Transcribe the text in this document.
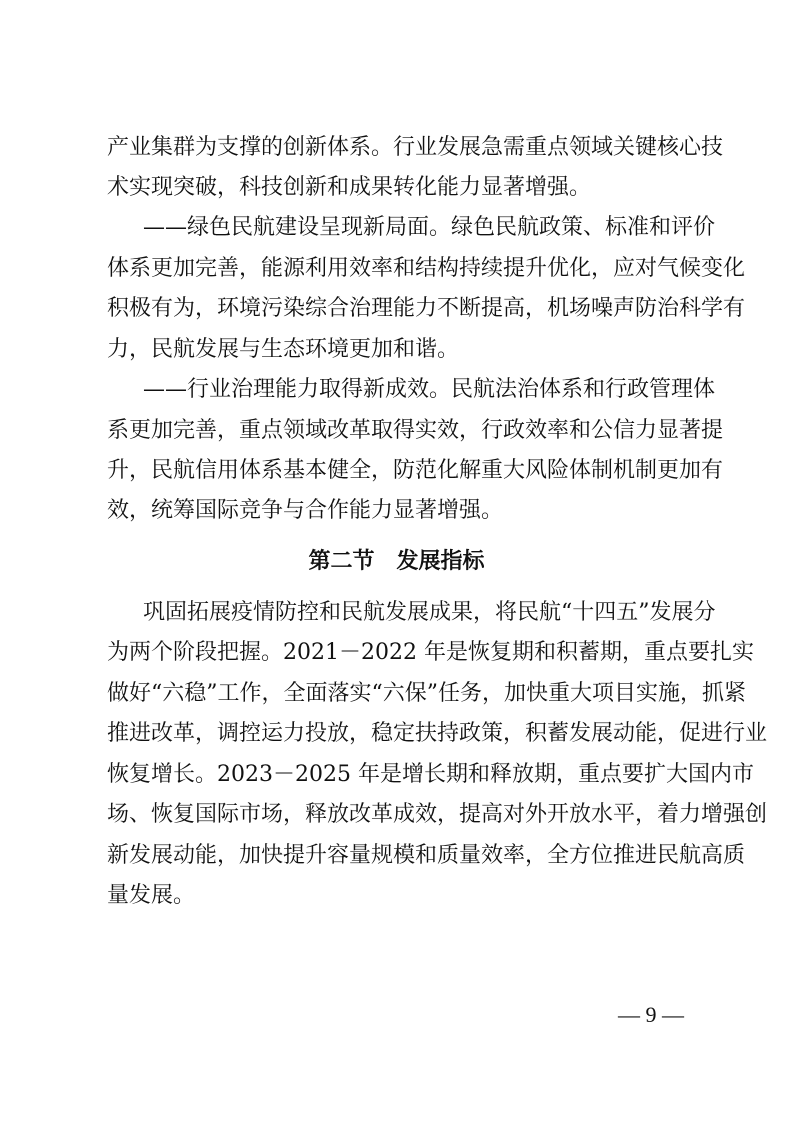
产业集群为支撑的创新体系。行业发展急需重点领域关键核心技
术实现突破，科技创新和成果转化能力显著增强。
——绿色民航建设呈现新局面。绿色民航政策、标准和评价
体系更加完善，能源利用效率和结构持续提升优化，应对气候变化
积极有为，环境污染综合治理能力不断提高，机场噪声防治科学有
力，民航发展与生态环境更加和谐。
——行业治理能力取得新成效。民航法治体系和行政管理体
系更加完善，重点领域改革取得实效，行政效率和公信力显著提
升，民航信用体系基本健全，防范化解重大风险体制机制更加有
效，统筹国际竞争与合作能力显著增强。
第二节　发展指标
巩固拓展疫情防控和民航发展成果，将民航“十四五”发展分
为两个阶段把握。2021－2022 年是恢复期和积蓄期，重点要扎实
做好“六稳”工作，全面落实“六保”任务，加快重大项目实施，抓紧
推进改革，调控运力投放，稳定扶持政策，积蓄发展动能，促进行业
恢复增长。2023－2025 年是增长期和释放期，重点要扩大国内市
场、恢复国际市场，释放改革成效，提高对外开放水平，着力增强创
新发展动能，加快提升容量规模和质量效率，全方位推进民航高质
量发展。
— 9 —
